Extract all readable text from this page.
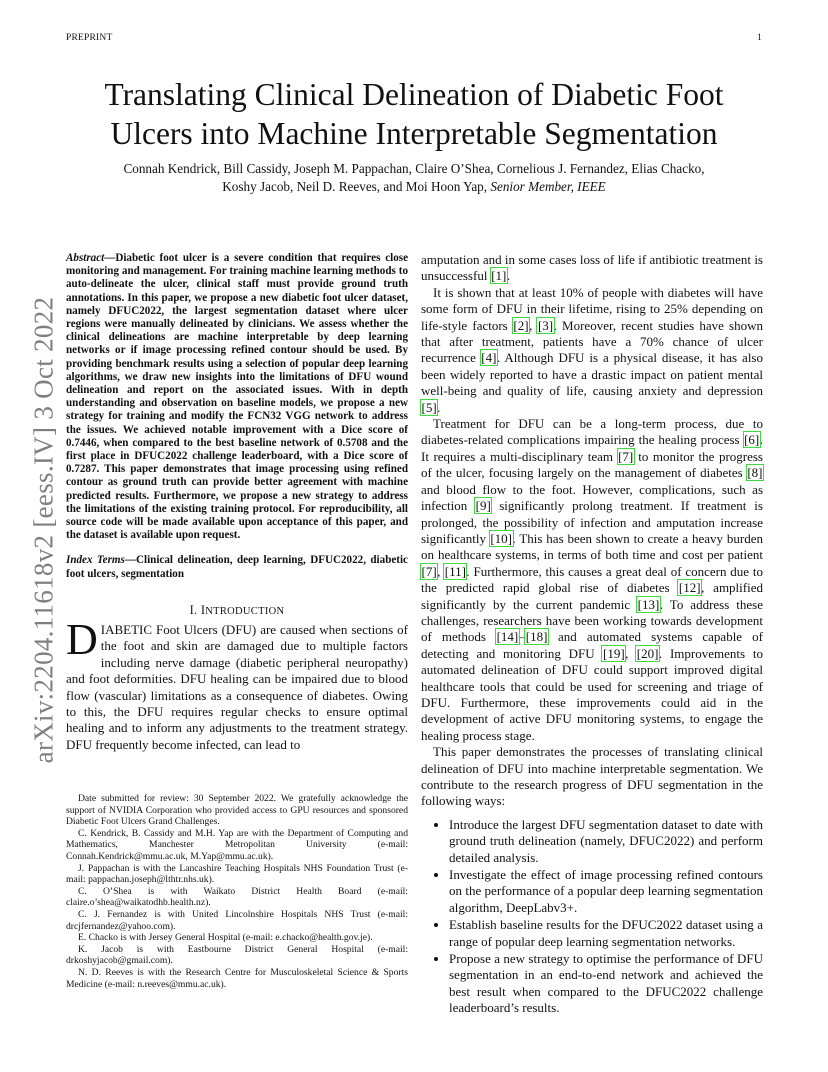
PREPRINT	1
arXiv:2204.11618v2 [eess.IV] 3 Oct 2022
Translating Clinical Delineation of Diabetic Foot
Ulcers into Machine Interpretable Segmentation
Connah Kendrick, Bill Cassidy, Joseph M. Pappachan, Claire O’Shea, Cornelious J. Fernandez, Elias Chacko,
Koshy Jacob, Neil D. Reeves, and Moi Hoon Yap, Senior Member, IEEE
Abstract—Diabetic foot ulcer is a severe condition that requires close monitoring and management. For training machine learning methods to auto-delineate the ulcer, clinical staff must provide ground truth annotations. In this paper, we propose a new diabetic foot ulcer dataset, namely DFUC2022, the largest segmentation dataset where ulcer regions were manually delineated by clinicians. We assess whether the clinical delineations are machine interpretable by deep learning networks or if image processing refined contour should be used. By providing benchmark results using a selection of popular deep learning algorithms, we draw new insights into the limitations of DFU wound delineation and report on the associated issues. With in depth understanding and observation on baseline models, we propose a new strategy for training and modify the FCN32 VGG network to address the issues. We achieved notable improvement with a Dice score of 0.7446, when compared to the best baseline network of 0.5708 and the first place in DFUC2022 challenge leaderboard, with a Dice score of 0.7287. This paper demonstrates that image processing using refined contour as ground truth can provide better agreement with machine predicted results. Furthermore, we propose a new strategy to address the limitations of the existing training protocol. For reproducibility, all source code will be made available upon acceptance of this paper, and the dataset is available upon request.
Index Terms—Clinical delineation, deep learning, DFUC2022, diabetic foot ulcers, segmentation
I. INTRODUCTION

DIABETIC Foot Ulcers (DFU) are caused when sections of the foot and skin are damaged due to multiple factors including nerve damage (diabetic peripheral neuropathy) and foot deformities. DFU healing can be impaired due to blood flow (vascular) limitations as a consequence of diabetes. Owing to this, the DFU requires regular checks to ensure optimal healing and to inform any adjustments to the treatment strategy. DFU frequently become infected, can lead to

Date submitted for review: 30 September 2022. We gratefully acknowledge the support of NVIDIA Corporation who provided access to GPU resources and sponsored Diabetic Foot Ulcers Grand Challenges.

C. Kendrick, B. Cassidy and M.H. Yap are with the Department of Computing and Mathematics, Manchester Metropolitan University (e-mail: Connah.Kendrick@mmu.ac.uk, M.Yap@mmu.ac.uk).

J. Pappachan is with the Lancashire Teaching Hospitals NHS Foundation Trust (e-mail: pappachan.joseph@lthtr.nhs.uk).

C. O’Shea is with Waikato District Health Board (e-mail: claire.o’shea@waikatodhb.health.nz).

C. J. Fernandez is with United Lincolnshire Hospitals NHS Trust (e-mail: drcjfernandez@yahoo.com).

E. Chacko is with Jersey General Hospital (e-mail: e.chacko@health.gov.je).

K. Jacob is with Eastbourne District General Hospital (e-mail: drkoshyjacob@gmail.com).

N. D. Reeves is with the Research Centre for Musculoskeletal Science & Sports Medicine (e-mail: n.reeves@mmu.ac.uk).

amputation and in some cases loss of life if antibiotic treatment is unsuccessful [1].

It is shown that at least 10% of people with diabetes will have some form of DFU in their lifetime, rising to 25% depending on life-style factors [2], [3]. Moreover, recent studies have shown that after treatment, patients have a 70% chance of ulcer recurrence [4]. Although DFU is a physical disease, it has also been widely reported to have a drastic impact on patient mental well-being and quality of life, causing anxiety and depression [5].

Treatment for DFU can be a long-term process, due to diabetes-related complications impairing the healing process [6]. It requires a multi-disciplinary team [7] to monitor the progress of the ulcer, focusing largely on the management of diabetes [8] and blood flow to the foot. However, complications, such as infection [9] significantly prolong treatment. If treatment is prolonged, the possibility of infection and amputation increase significantly [10]. This has been shown to create a heavy burden on healthcare systems, in terms of both time and cost per patient [7], [11]. Furthermore, this causes a great deal of concern due to the predicted rapid global rise of diabetes [12], amplified significantly by the current pandemic [13]. To address these challenges, researchers have been working towards development of methods [14]–[18] and automated systems capable of detecting and monitoring DFU [19], [20]. Improvements to automated delineation of DFU could support improved digital healthcare tools that could be used for screening and triage of DFU. Furthermore, these improvements could aid in the development of active DFU monitoring systems, to engage the healing process stage.

This paper demonstrates the processes of translating clinical delineation of DFU into machine interpretable segmentation. We contribute to the research progress of DFU segmentation in the following ways:

• Introduce the largest DFU segmentation dataset to date with ground truth delineation (namely, DFUC2022) and perform detailed analysis.
• Investigate the effect of image processing refined contours on the performance of a popular deep learning segmentation algorithm, DeepLabv3+.
• Establish baseline results for the DFUC2022 dataset using a range of popular deep learning segmentation networks.
• Propose a new strategy to optimise the performance of DFU segmentation in an end-to-end network and achieved the best result when compared to the DFUC2022 challenge leaderboard’s results.
